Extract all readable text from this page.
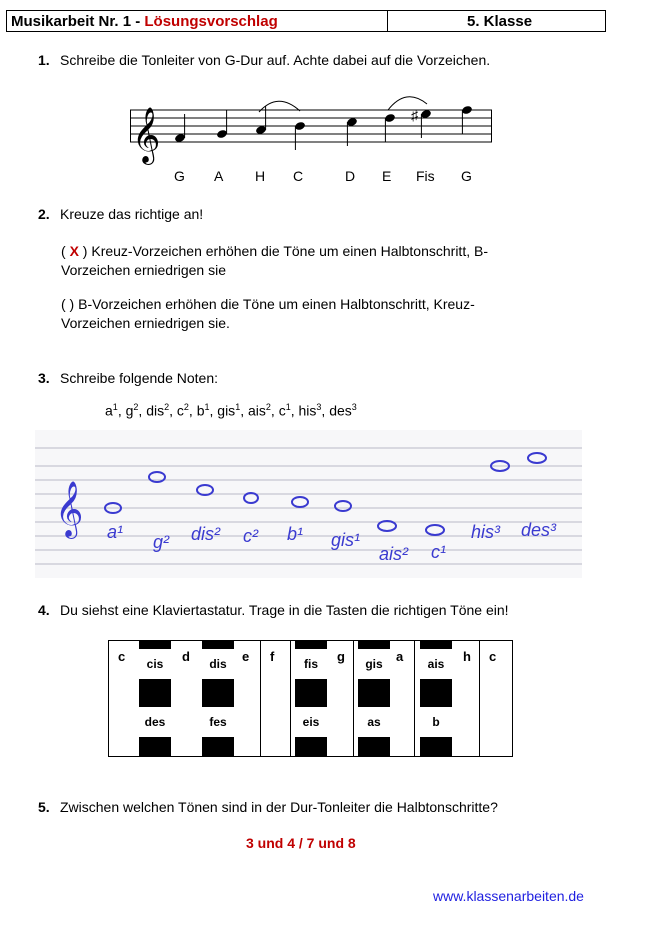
Musikarbeit Nr. 1 - Lösungsvorschlag	5. Klasse
1. Schreibe die Tonleiter von G-Dur auf. Achte dabei auf die Vorzeichen.
𝄞	♯
G A H C	D E Fis G
2. Kreuze das richtige an!
( X ) Kreuz-Vorzeichen erhöhen die Töne um einen Halbtonschritt, B-
Vorzeichen erniedrigen sie
( ) B-Vorzeichen erhöhen die Töne um einen Halbtonschritt, Kreuz-
Vorzeichen erniedrigen sie.
3. Schreibe folgende Noten:
$a^1$, $g^2$, dis$^2$, $c^2$, $b^1$, gis$^1$, ais$^2$, $c^1$, his$^3$, des$^3$
𝄞 a¹ g² dis² c² b¹ gis¹
ais² c¹
his³ des³
4. Du siehst eine Klaviertastatur. Trage in die Tasten die richtigen Töne ein!
c	d	e f	g	a	h c
cis
des
dis
fes
fis
eis
gis
as
ais
b
5. Zwischen welchen Tönen sind in der Dur-Tonleiter die Halbtonschritte?
3 und 4 / 7 und 8
www.klassenarbeiten.de
